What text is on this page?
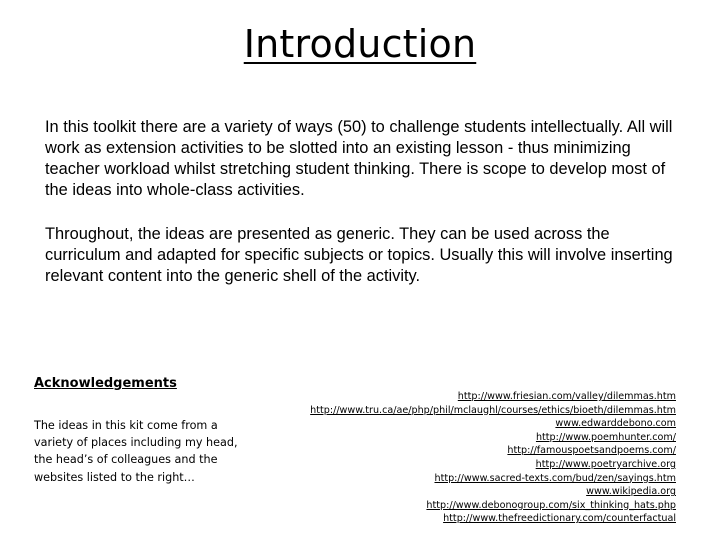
Introduction
In this toolkit there are a variety of ways (50) to challenge students intellectually. All will work as extension activities to be slotted into an existing lesson - thus minimizing teacher workload whilst stretching student thinking. There is scope to develop most of the ideas into whole-class activities.
Throughout, the ideas are presented as generic. They can be used across the curriculum and adapted for specific subjects or topics. Usually this will involve inserting relevant content into the generic shell of the activity.
Acknowledgements
The ideas in this kit come from a variety of places including my head, the head’s of colleagues and the websites listed to the right…
http://www.friesian.com/valley/dilemmas.htm
http://www.tru.ca/ae/php/phil/mclaughl/courses/ethics/bioeth/dilemmas.htm
www.edwarddebono.com
http://www.poemhunter.com/
http://famouspoetsandpoems.com/
http://www.poetryarchive.org
http://www.sacred-texts.com/bud/zen/sayings.htm
www.wikipedia.org
http://www.debonogroup.com/six_thinking_hats.php
http://www.thefreedictionary.com/counterfactual
